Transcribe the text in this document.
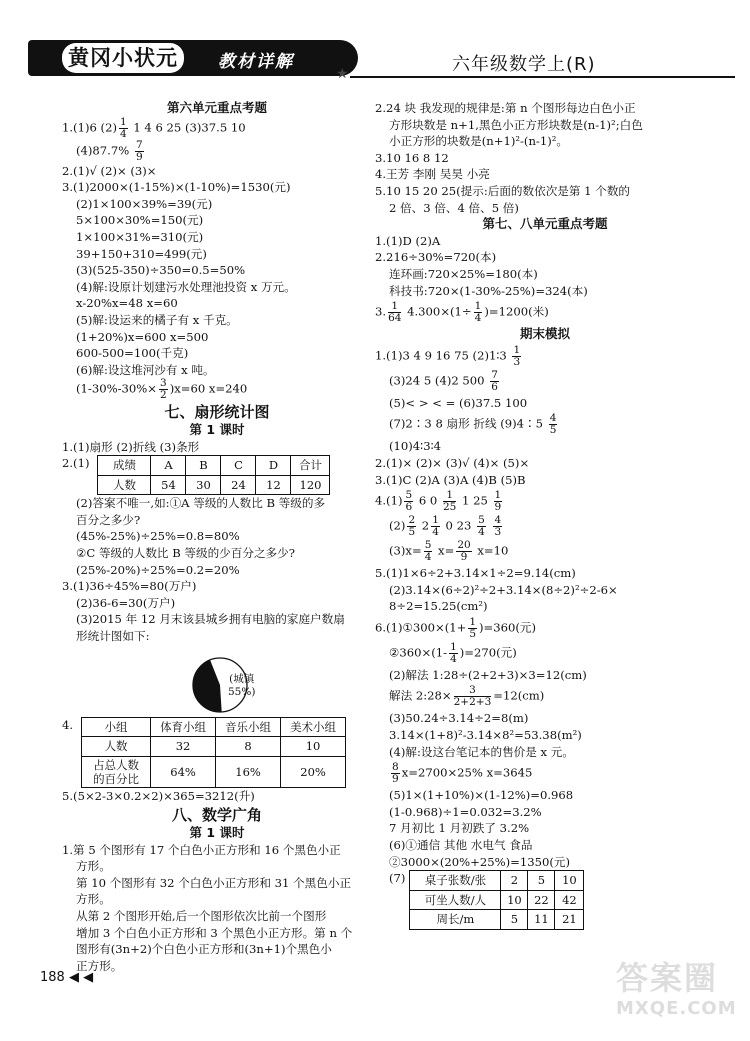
黄冈小状元	教材详解
★	六年级数学上(R)
第六单元重点考题
1.(1)6 $(2) \frac{1}{4} 1$ 4 6 25 (3)37.5 10
$(4)87.7\% \frac{7}{9}$
2.(1)√ (2)× (3)×
3.(1)2000×(1-15%)×(1-10%)=1530(元)
(2)1×100×39%=39(元)
5×100×30%=150(元)
1×100×31%=310(元)
39+150+310=499(元)
(3)(525-350)÷350=0.5=50%
(4)解:设原计划建污水处理池投资 x 万元。
x-20%x=48 x=60
(5)解:设运来的橘子有 x 千克。
(1+20%)x=600 x=500
600-500=100(千克)
(6)解:设这堆河沙有 x 吨。
$(1-30\%-30\%\times \frac{3}{2} )x=60$ x=240
七、扇形统计图
第 1 课时
1.(1)扇形 (2)折线 (3)条形
2.(1) 成绩	A	B	C	D	合计
人数	54	30	24	12	120
(2)答案不唯一,如:①A 等级的人数比 B 等级的多
百分之多少?
(45%-25%)÷25%=0.8=80%
②C 等级的人数比 B 等级的少百分之多少?
(25%-20%)÷25%=0.2=20%
3.(1)36÷45%=80(万户)
(2)36-6=30(万户)
(3)2015 年 12 月末该县城乡拥有电脑的家庭户数扇
形统计图如下:
(城镇
55%)
4.	小组	体育小组	音乐小组	美术小组
人数	32	8	10

占总人数
的百分比	64%	16%	20%
5.(5×2-3×0.2×2)×365=3212(升)
八、数学广角
第 1 课时
1.第 5 个图形有 17 个白色小正方形和 16 个黑色小正
方形。
第 10 个图形有 32 个白色小正方形和 31 个黑色小正
方形。
从第 2 个图形开始,后一个图形依次比前一个图形
增加 3 个白色小正方形和 3 个黑色小正方形。第 n 个
图形有(3n+2)个白色小正方形和(3n+1)个黑色小
正方形。
2.24 块 我发现的规律是:第 n 个图形每边白色小正
方形块数是 n+1,黑色小正方形块数是(n-1)²;白色
小正方形的块数是(n+1)²-(n-1)²。
3.10 16 8 12
4.王芳 李刚 吴昊 小亮
5.10 15 20 25(提示:后面的数依次是第 1 个数的
2 倍、3 倍、4 倍、5 倍)
第七、八单元重点考题
1.(1)D (2)A
2.216÷30%=720(本)
连环画:720×25%=180(本)
科技书:720×(1-30%-25%)=324(本)
3. $\frac{1}{64} 4.300\times(1\div \frac{1}{4} )=1200$(米)
期末模拟
1.(1)3 4 9 16 75 (2)1∶3 $\frac{1}{3}$
(3)24 5 (4)2 $500 \frac{7}{6}$
(5)< > < = (6)37.5 100
(7)2∶3 8 扇形 折线 (9)4∶5 $\frac{4}{5}$
(10)4∶3∶4
2.(1)× (2)× (3)√ (4)× (5)×
3.(1)C (2)A (3)A (4)B (5)B
$4.(1) \frac{5}{6} 6$ $0 \frac{1}{25} 1$ $25 \frac{1}{9}$
$(2) \frac{2}{5} 2 \frac{1}{4} 0$ $23 \frac{5}{4}$
$\frac{4}{3}$
$(3)x= \frac{5}{4} x= \frac{20}{9} x=10$
5.(1)1×6÷2+3.14×1÷2=9.14(cm)
(2)3.14×(6÷2)²÷2+3.14×(8÷2)²÷2-6×
8÷2=15.25(cm²)
6.(1)①300×(1+ $\frac{1}{5} )=360$(元)
②360×(1- $\frac{1}{4} )=270$(元)
(2)解法 1:28÷(2+2+3)×3=12(cm)
解法 2:28× $\frac{3}{2+2+3} =12(cm)$
(3)50.24÷3.14÷2=8(m)
3.14×(1+8)²-3.14×8²=53.38(m²)
(4)解:设这台笔记本的售价是 x 元。
$\frac{8}{9} x=2700\times 25\%$ x=3645
(5)1×(1+10%)×(1-12%)=0.968
(1-0.968)÷1=0.032=3.2%
7 月初比 1 月初跌了 3.2%
(6)①通信 其他 水电气 食品
②3000×(20%+25%)=1350(元)
(7) 桌子张数/张	2	5	10
可坐人数/人	10	22	42
周长/m	5	11	21
188 ◀ ◀	答案圈
MXQE.COM
